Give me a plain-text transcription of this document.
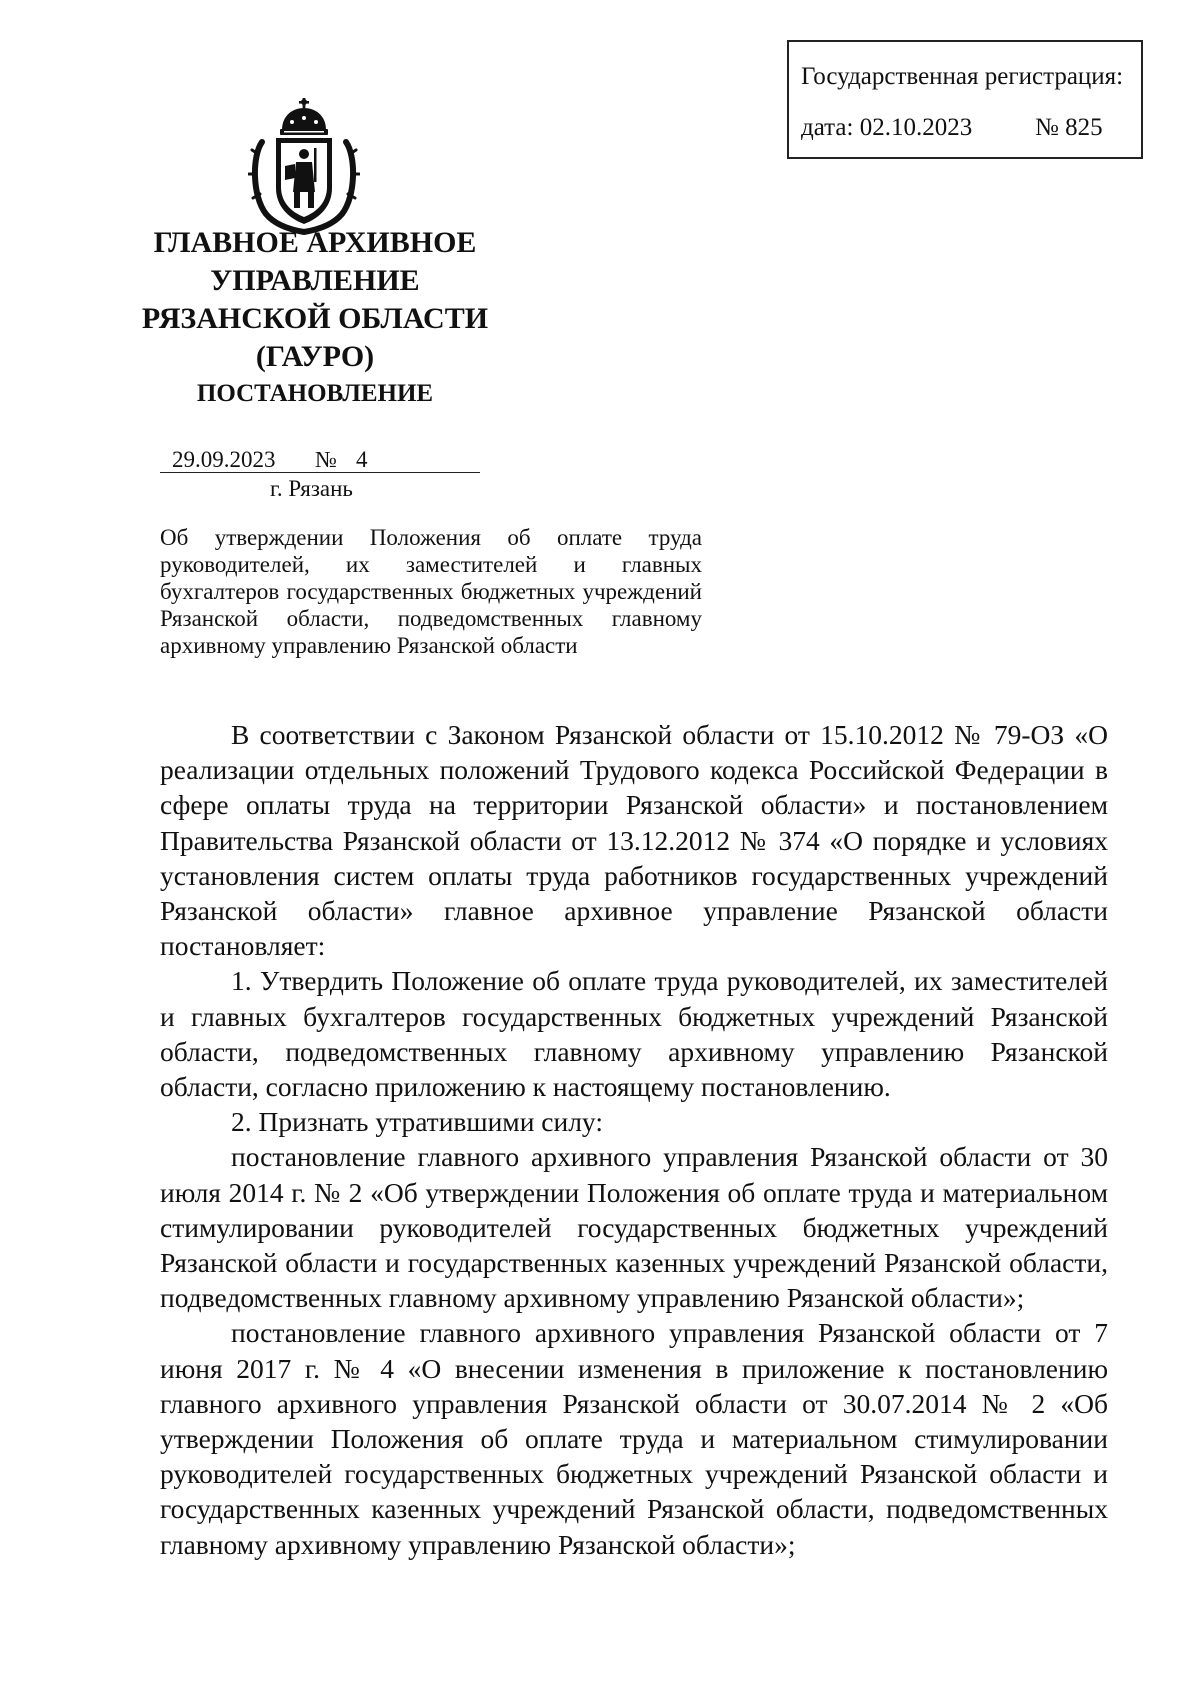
Государственная регистрация:
дата: 02.10.2023	№ 825
ГЛАВНОЕ АРХИВНОЕ
УПРАВЛЕНИЕ
РЯЗАНСКОЙ ОБЛАСТИ
(ГАУРО)
ПОСТАНОВЛЕНИЕ
29.09.2023 № 4
г. Рязань
Об утверждении Положения об оплате труда руководителей, их заместителей и главных бухгалтеров государственных бюджетных учреждений Рязанской области, подведомственных главному архивному управлению Рязанской области

В соответствии с Законом Рязанской области от 15.10.2012 № 79-ОЗ «О реализации отдельных положений Трудового кодекса Российской Федерации в сфере оплаты труда на территории Рязанской области» и постановлением Правительства Рязанской области от 13.12.2012 № 374 «О порядке и условиях установления систем оплаты труда работников государственных учреждений Рязанской области» главное архивное управление Рязанской области постановляет:

1. Утвердить Положение об оплате труда руководителей, их заместителей и главных бухгалтеров государственных бюджетных учреждений Рязанской области, подведомственных главному архивному управлению Рязанской области, согласно приложению к настоящему постановлению.

2. Признать утратившими силу:

постановление главного архивного управления Рязанской области от 30 июля 2014 г. № 2 «Об утверждении Положения об оплате труда и материальном стимулировании руководителей государственных бюджетных учреждений Рязанской области и государственных казенных учреждений Рязанской области, подведомственных главному архивному управлению Рязанской области»;

постановление главного архивного управления Рязанской области от 7 июня 2017 г. № 4 «О внесении изменения в приложение к постановлению главного архивного управления Рязанской области от 30.07.2014 № 2 «Об утверждении Положения об оплате труда и материальном стимулировании руководителей государственных бюджетных учреждений Рязанской области и государственных казенных учреждений Рязанской области, подведомственных главному архивному управлению Рязанской области»;
